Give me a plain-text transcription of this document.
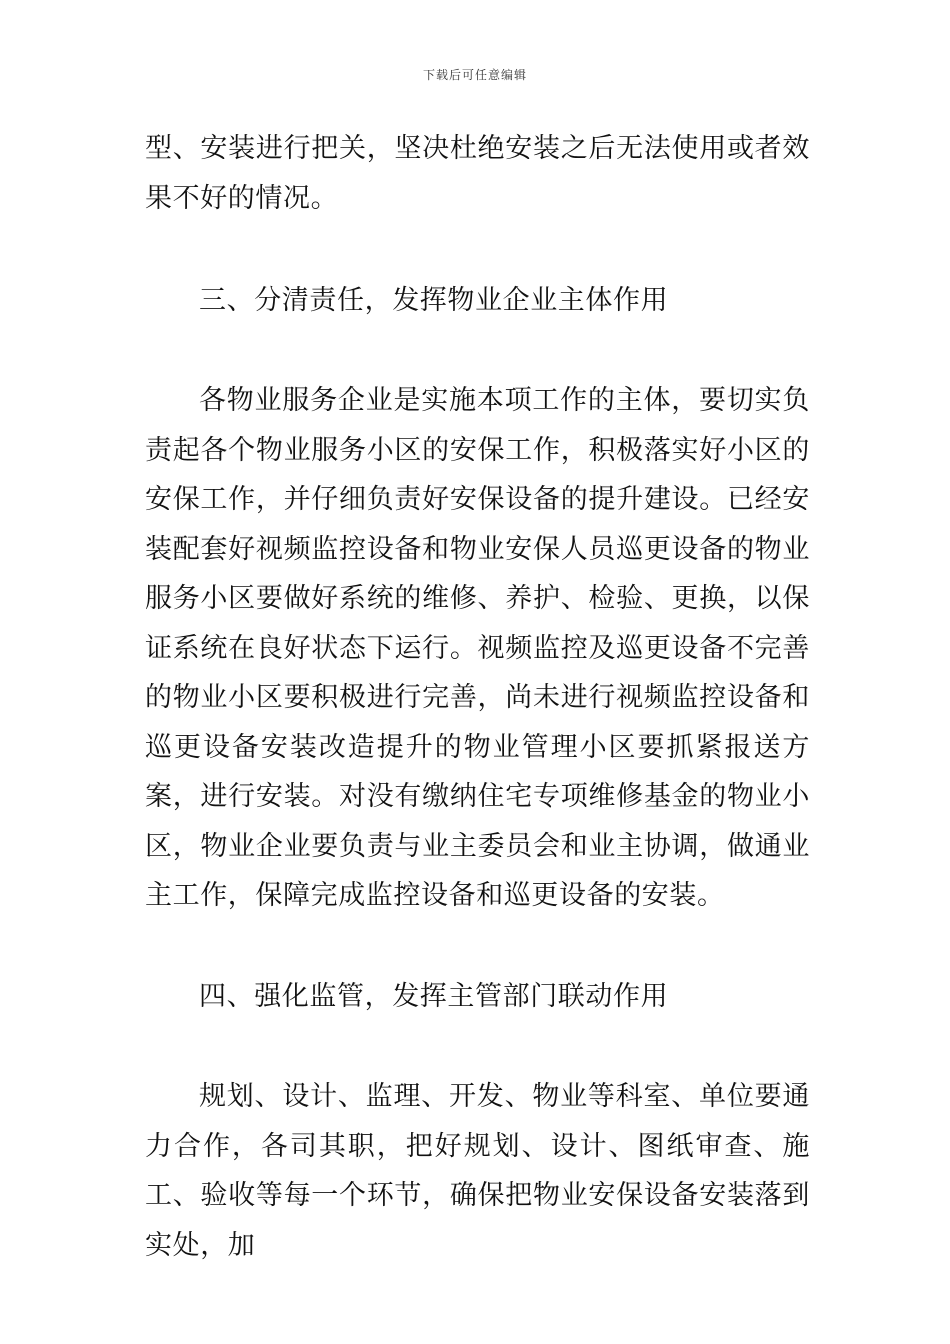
下载后可任意编辑

型、安装进行把关，坚决杜绝安装之后无法使用或者效果不好的情况。

三、分清责任，发挥物业企业主体作用

各物业服务企业是实施本项工作的主体，要切实负责起各个物业服务小区的安保工作，积极落实好小区的安保工作，并仔细负责好安保设备的提升建设。已经安装配套好视频监控设备和物业安保人员巡更设备的物业服务小区要做好系统的维修、养护、检验、更换，以保证系统在良好状态下运行。视频监控及巡更设备不完善的物业小区要积极进行完善，尚未进行视频监控设备和巡更设备安装改造提升的物业管理小区要抓紧报送方案，进行安装。对没有缴纳住宅专项维修基金的物业小区，物业企业要负责与业主委员会和业主协调，做通业主工作，保障完成监控设备和巡更设备的安装。

四、强化监管，发挥主管部门联动作用

规划、设计、监理、开发、物业等科室、单位要通力合作，各司其职，把好规划、设计、图纸审查、施工、验收等每一个环节，确保把物业安保设备安装落到实处，加
